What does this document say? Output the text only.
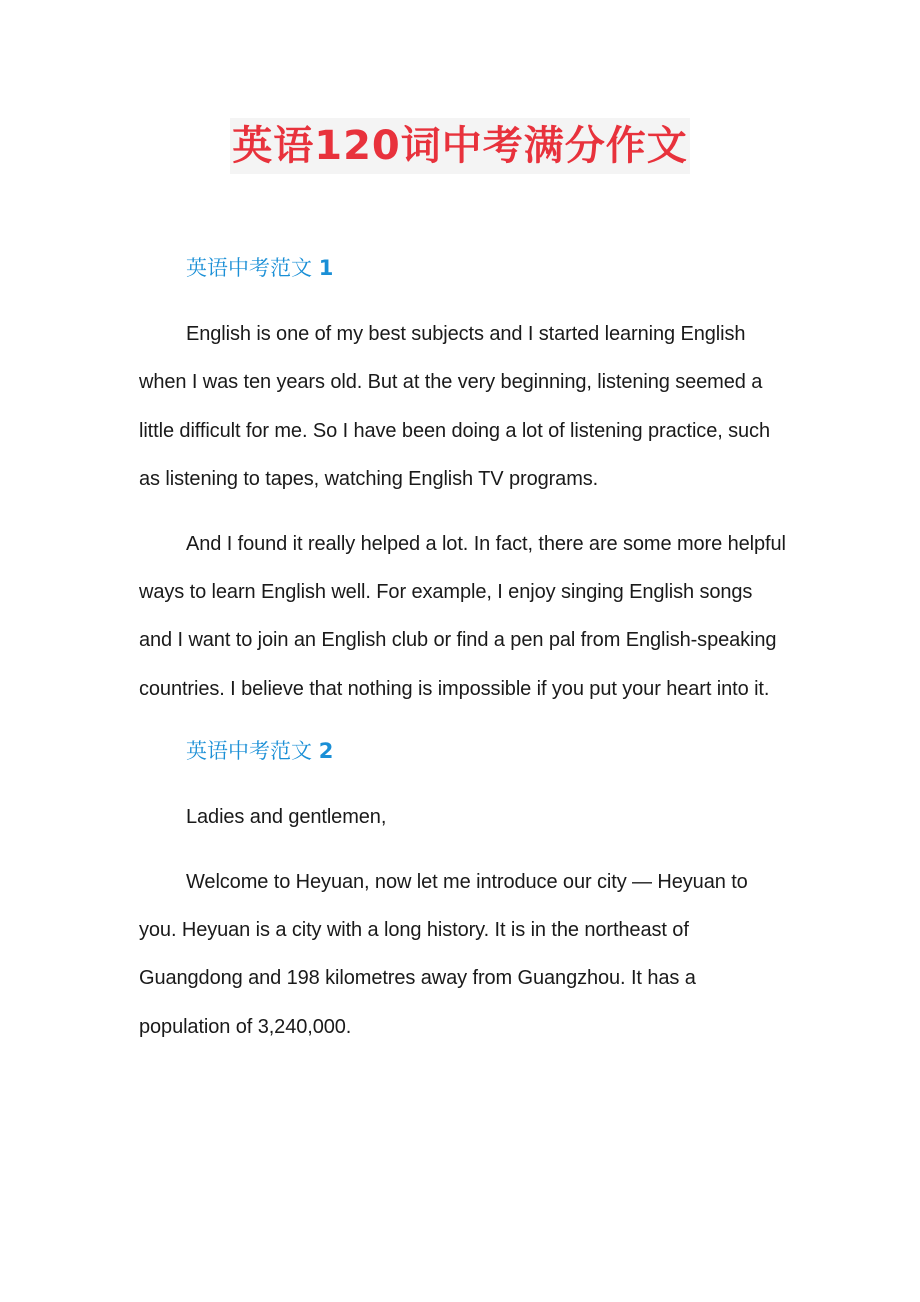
英语120词中考满分作文
英语中考范文 1

English is one of my best subjects and I started learning English when I was ten years old. But at the very beginning, listening seemed a little difficult for me. So I have been doing a lot of listening practice, such as listening to tapes, watching English TV programs.

And I found it really helped a lot. In fact, there are some more helpful ways to learn English well. For example, I enjoy singing English songs and I want to join an English club or find a pen pal from English-speaking countries. I believe that nothing is impossible if you put your heart into it.

英语中考范文 2

Ladies and gentlemen,

Welcome to Heyuan, now let me introduce our city — Heyuan to you. Heyuan is a city with a long history. It is in the northeast of Guangdong and 198 kilometres away from Guangzhou. It has a population of 3,240,000.
